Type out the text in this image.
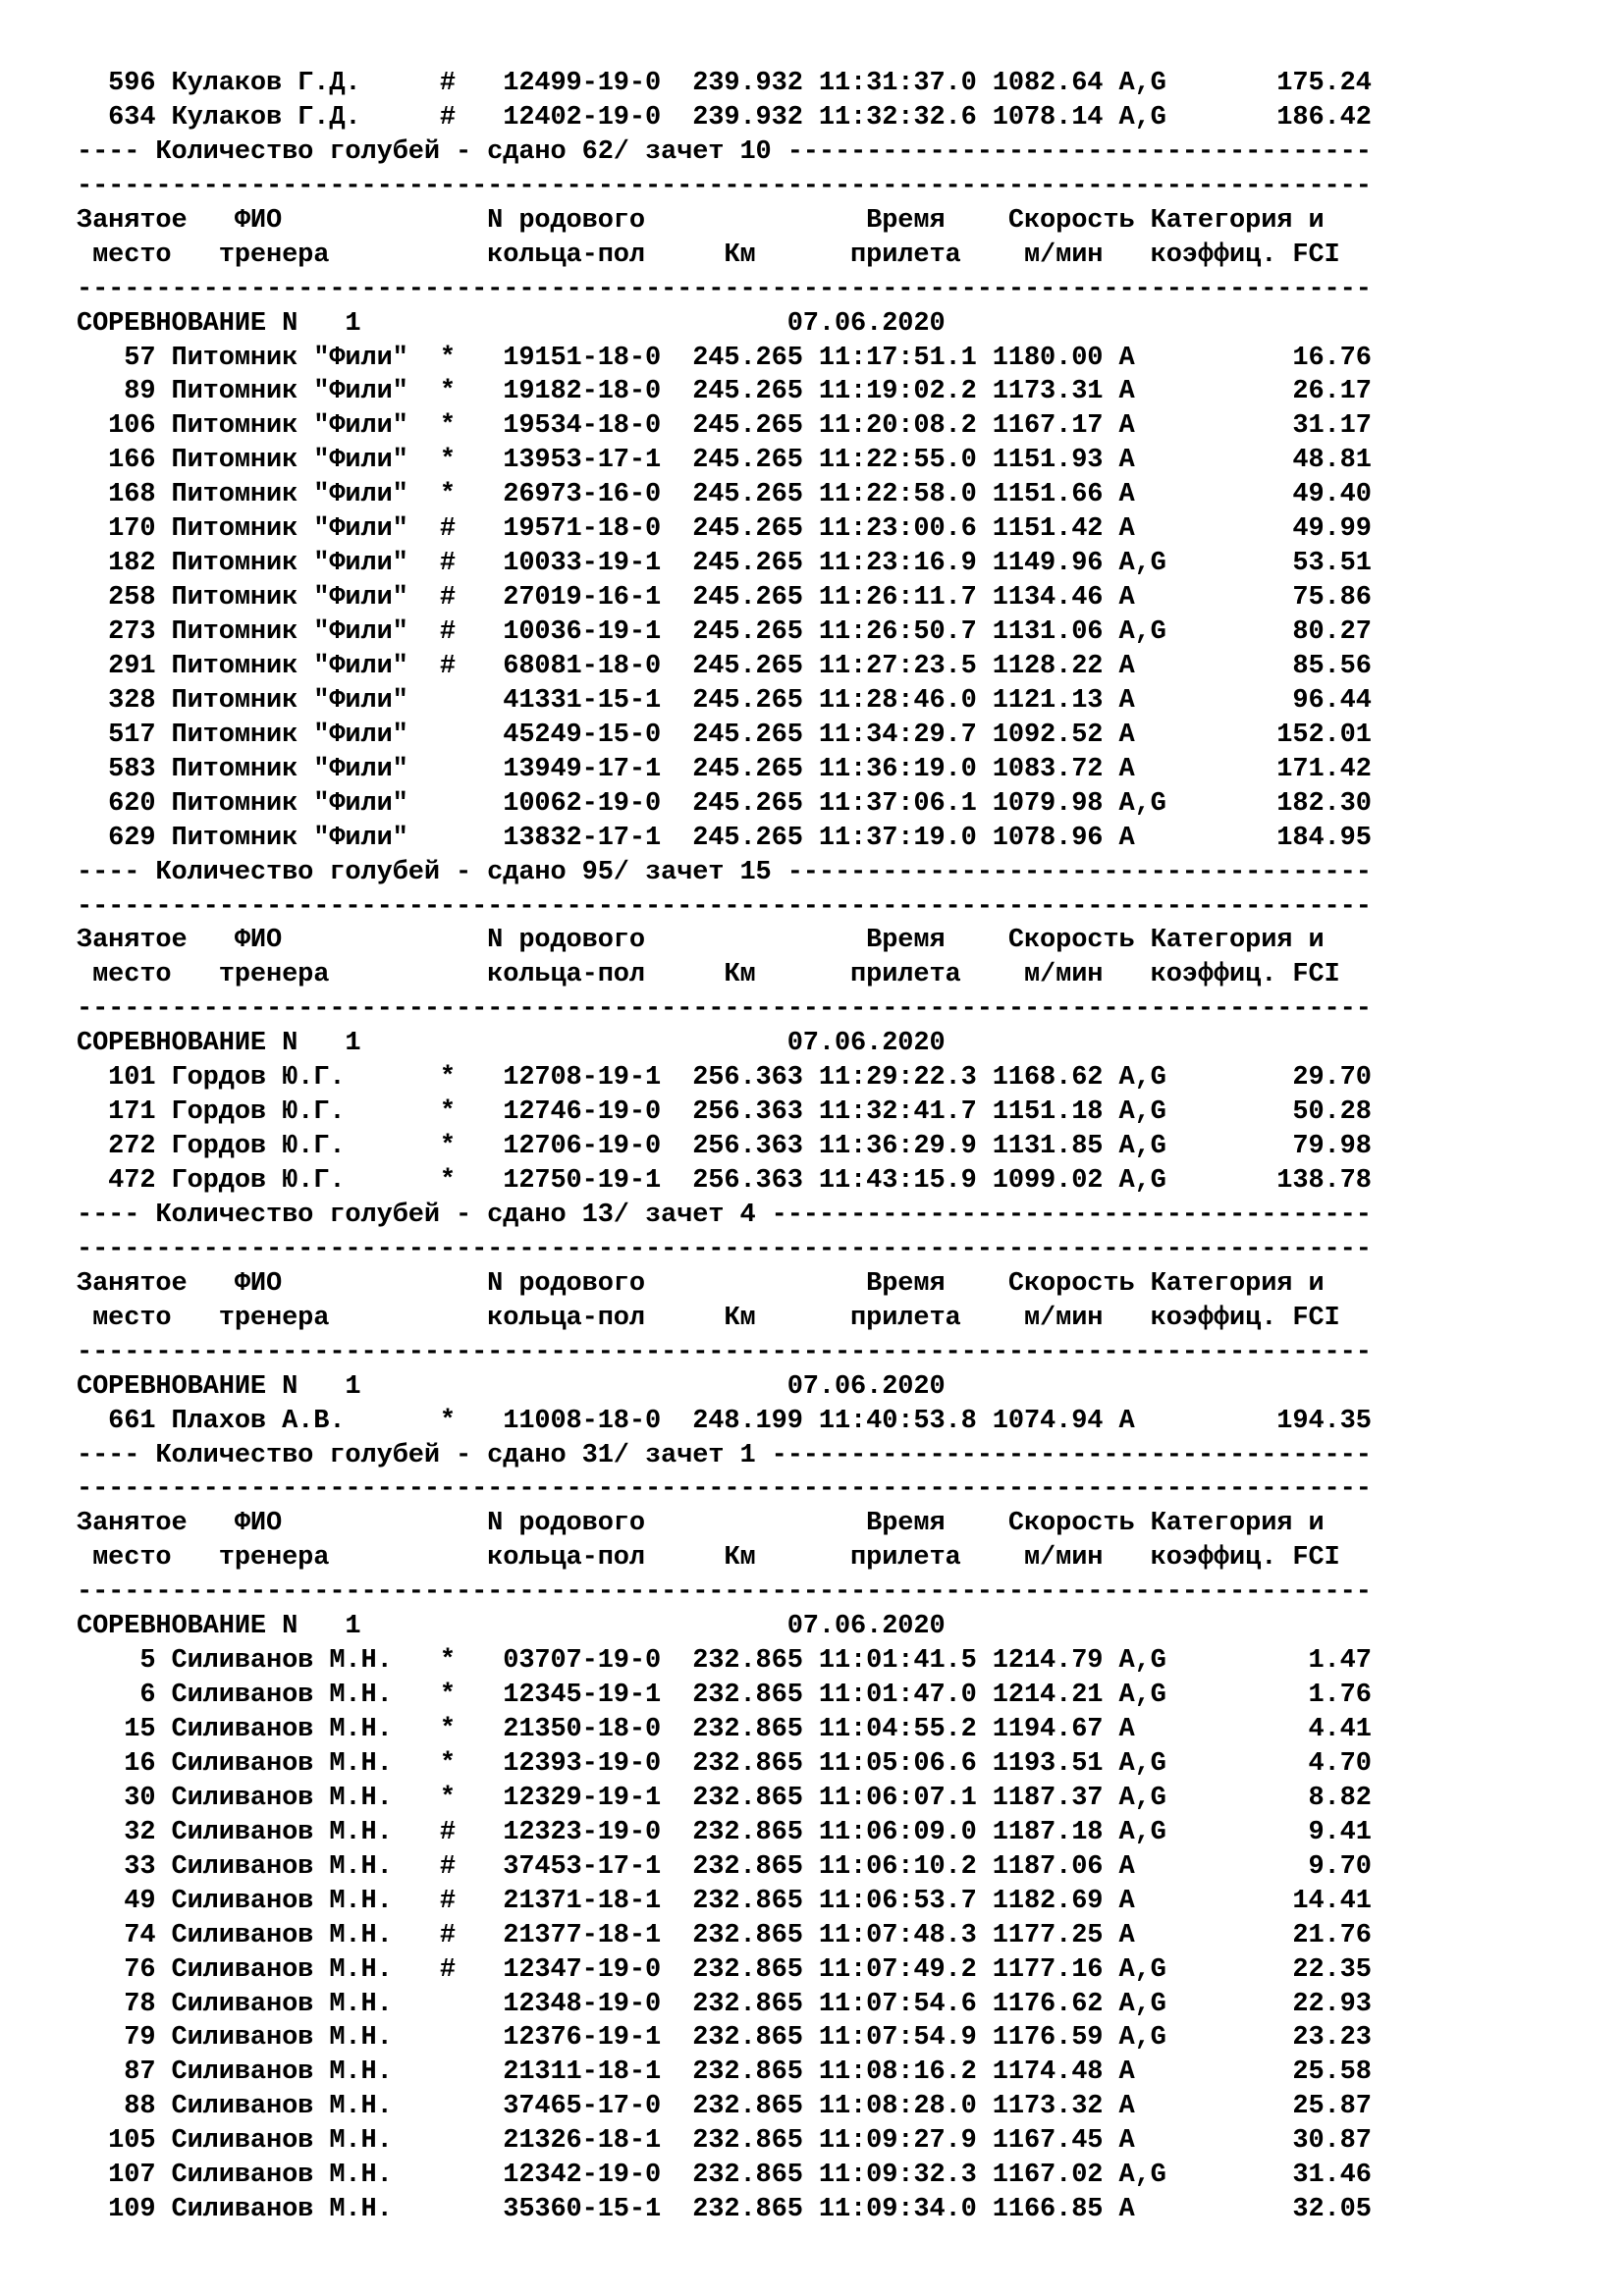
596 Кулаков Г.Д.     #   12499-19-0  239.932 11:31:37.0 1082.64 A,G       175.24
634 Кулаков Г.Д.     #   12402-19-0  239.932 11:32:32.6 1078.14 A,G       186.42
---- Количество голубей - сдано 62/ зачет 10 -------------------------------------
----------------------------------------------------------------------------------
Занятое   ФИО             N родового              Время    Скорость Категория и
место   тренера          кольца-пол     Км      прилета    м/мин   коэффиц. FCI
----------------------------------------------------------------------------------
СОРЕВНОВАНИЕ N   1                           07.06.2020
57 Питомник "Фили"  *   19151-18-0  245.265 11:17:51.1 1180.00 A          16.76
89 Питомник "Фили"  *   19182-18-0  245.265 11:19:02.2 1173.31 A          26.17
106 Питомник "Фили"  *   19534-18-0  245.265 11:20:08.2 1167.17 A          31.17
166 Питомник "Фили"  *   13953-17-1  245.265 11:22:55.0 1151.93 A          48.81
168 Питомник "Фили"  *   26973-16-0  245.265 11:22:58.0 1151.66 A          49.40
170 Питомник "Фили"  #   19571-18-0  245.265 11:23:00.6 1151.42 A          49.99
182 Питомник "Фили"  #   10033-19-1  245.265 11:23:16.9 1149.96 A,G        53.51
258 Питомник "Фили"  #   27019-16-1  245.265 11:26:11.7 1134.46 A          75.86
273 Питомник "Фили"  #   10036-19-1  245.265 11:26:50.7 1131.06 A,G        80.27
291 Питомник "Фили"  #   68081-18-0  245.265 11:27:23.5 1128.22 A          85.56
328 Питомник "Фили"      41331-15-1  245.265 11:28:46.0 1121.13 A          96.44
517 Питомник "Фили"      45249-15-0  245.265 11:34:29.7 1092.52 A         152.01
583 Питомник "Фили"      13949-17-1  245.265 11:36:19.0 1083.72 A         171.42
620 Питомник "Фили"      10062-19-0  245.265 11:37:06.1 1079.98 A,G       182.30
629 Питомник "Фили"      13832-17-1  245.265 11:37:19.0 1078.96 A         184.95
---- Количество голубей - сдано 95/ зачет 15 -------------------------------------
----------------------------------------------------------------------------------
Занятое   ФИО             N родового              Время    Скорость Категория и
место   тренера          кольца-пол     Км      прилета    м/мин   коэффиц. FCI
----------------------------------------------------------------------------------
СОРЕВНОВАНИЕ N   1                           07.06.2020
101 Гордов Ю.Г.      *   12708-19-1  256.363 11:29:22.3 1168.62 A,G        29.70
171 Гордов Ю.Г.      *   12746-19-0  256.363 11:32:41.7 1151.18 A,G        50.28
272 Гордов Ю.Г.      *   12706-19-0  256.363 11:36:29.9 1131.85 A,G        79.98
472 Гордов Ю.Г.      *   12750-19-1  256.363 11:43:15.9 1099.02 A,G       138.78
---- Количество голубей - сдано 13/ зачет 4 --------------------------------------
----------------------------------------------------------------------------------
Занятое   ФИО             N родового              Время    Скорость Категория и
место   тренера          кольца-пол     Км      прилета    м/мин   коэффиц. FCI
----------------------------------------------------------------------------------
СОРЕВНОВАНИЕ N   1                           07.06.2020
661 Плахов А.В.      *   11008-18-0  248.199 11:40:53.8 1074.94 A         194.35
---- Количество голубей - сдано 31/ зачет 1 --------------------------------------
----------------------------------------------------------------------------------
Занятое   ФИО             N родового              Время    Скорость Категория и
место   тренера          кольца-пол     Км      прилета    м/мин   коэффиц. FCI
----------------------------------------------------------------------------------
СОРЕВНОВАНИЕ N   1                           07.06.2020
5 Силиванов М.Н.   *   03707-19-0  232.865 11:01:41.5 1214.79 A,G         1.47
6 Силиванов М.Н.   *   12345-19-1  232.865 11:01:47.0 1214.21 A,G         1.76
15 Силиванов М.Н.   *   21350-18-0  232.865 11:04:55.2 1194.67 A           4.41
16 Силиванов М.Н.   *   12393-19-0  232.865 11:05:06.6 1193.51 A,G         4.70
30 Силиванов М.Н.   *   12329-19-1  232.865 11:06:07.1 1187.37 A,G         8.82
32 Силиванов М.Н.   #   12323-19-0  232.865 11:06:09.0 1187.18 A,G         9.41
33 Силиванов М.Н.   #   37453-17-1  232.865 11:06:10.2 1187.06 A           9.70
49 Силиванов М.Н.   #   21371-18-1  232.865 11:06:53.7 1182.69 A          14.41
74 Силиванов М.Н.   #   21377-18-1  232.865 11:07:48.3 1177.25 A          21.76
76 Силиванов М.Н.   #   12347-19-0  232.865 11:07:49.2 1177.16 A,G        22.35
78 Силиванов М.Н.       12348-19-0  232.865 11:07:54.6 1176.62 A,G        22.93
79 Силиванов М.Н.       12376-19-1  232.865 11:07:54.9 1176.59 A,G        23.23
87 Силиванов М.Н.       21311-18-1  232.865 11:08:16.2 1174.48 A          25.58
88 Силиванов М.Н.       37465-17-0  232.865 11:08:28.0 1173.32 A          25.87
105 Силиванов М.Н.       21326-18-1  232.865 11:09:27.9 1167.45 A          30.87
107 Силиванов М.Н.       12342-19-0  232.865 11:09:32.3 1167.02 A,G        31.46
109 Силиванов М.Н.       35360-15-1  232.865 11:09:34.0 1166.85 A          32.05
